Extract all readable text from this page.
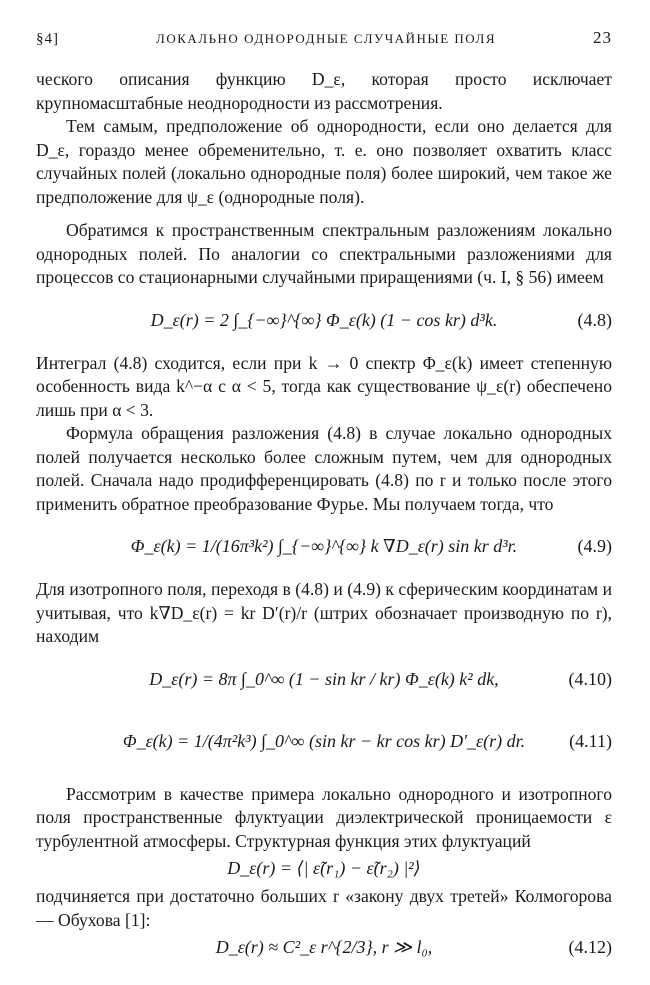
§4]	ЛОКАЛЬНО ОДНОРОДНЫЕ СЛУЧАЙНЫЕ ПОЛЯ	23

ческого описания функцию D_ε, которая просто исключает крупномасштабные неоднородности из рассмотрения.

Тем самым, предположение об однородности, если оно делается для D_ε, гораздо менее обременительно, т. е. оно позволяет охватить класс случайных полей (локально однородные поля) более широкий, чем такое же предположение для ψ_ε (однородные поля).

Обратимся к пространственным спектральным разложениям локально однородных полей. По аналогии со спектральными разложениями для процессов со стационарными случайными приращениями (ч. I, § 56) имеем

D_ε(r) = 2 ∫_{−∞}^{∞} Φ_ε(k) (1 − cos kr) d³k.	(4.8)

Интеграл (4.8) сходится, если при k → 0 спектр Φ_ε(k) имеет степенную особенность вида k^−α с α < 5, тогда как существование ψ_ε(r) обеспечено лишь при α < 3.

Формула обращения разложения (4.8) в случае локально однородных полей получается несколько более сложным путем, чем для однородных полей. Сначала надо продифференцировать (4.8) по r и только после этого применить обратное преобразование Фурье. Мы получаем тогда, что

Φ_ε(k) = 1/(16π³k²) ∫_{−∞}^{∞} k ∇D_ε(r) sin kr d³r.	(4.9)

Для изотропного поля, переходя в (4.8) и (4.9) к сферическим координатам и учитывая, что k∇D_ε(r) = kr D′(r)/r (штрих обозначает производную по r), находим

D_ε(r) = 8π ∫_0^∞ (1 − sin kr / kr) Φ_ε(k) k² dk,	(4.10)
Φ_ε(k) = 1/(4π²k³) ∫_0^∞ (sin kr − kr cos kr) D′_ε(r) dr. (4.11)

Рассмотрим в качестве примера локально однородного и изотропного поля пространственные флуктуации диэлектрической проницаемости ε турбулентной атмосферы. Структурная функция этих флуктуаций

D_ε(r) = ⟨| ε̃(r₁) − ε̃(r₂) |²⟩

подчиняется при достаточно больших r «закону двух третей» Колмогорова — Обухова [1]:

D_ε(r) ≈ C²_ε r^{2/3}, r ≫ l₀,	(4.12)
